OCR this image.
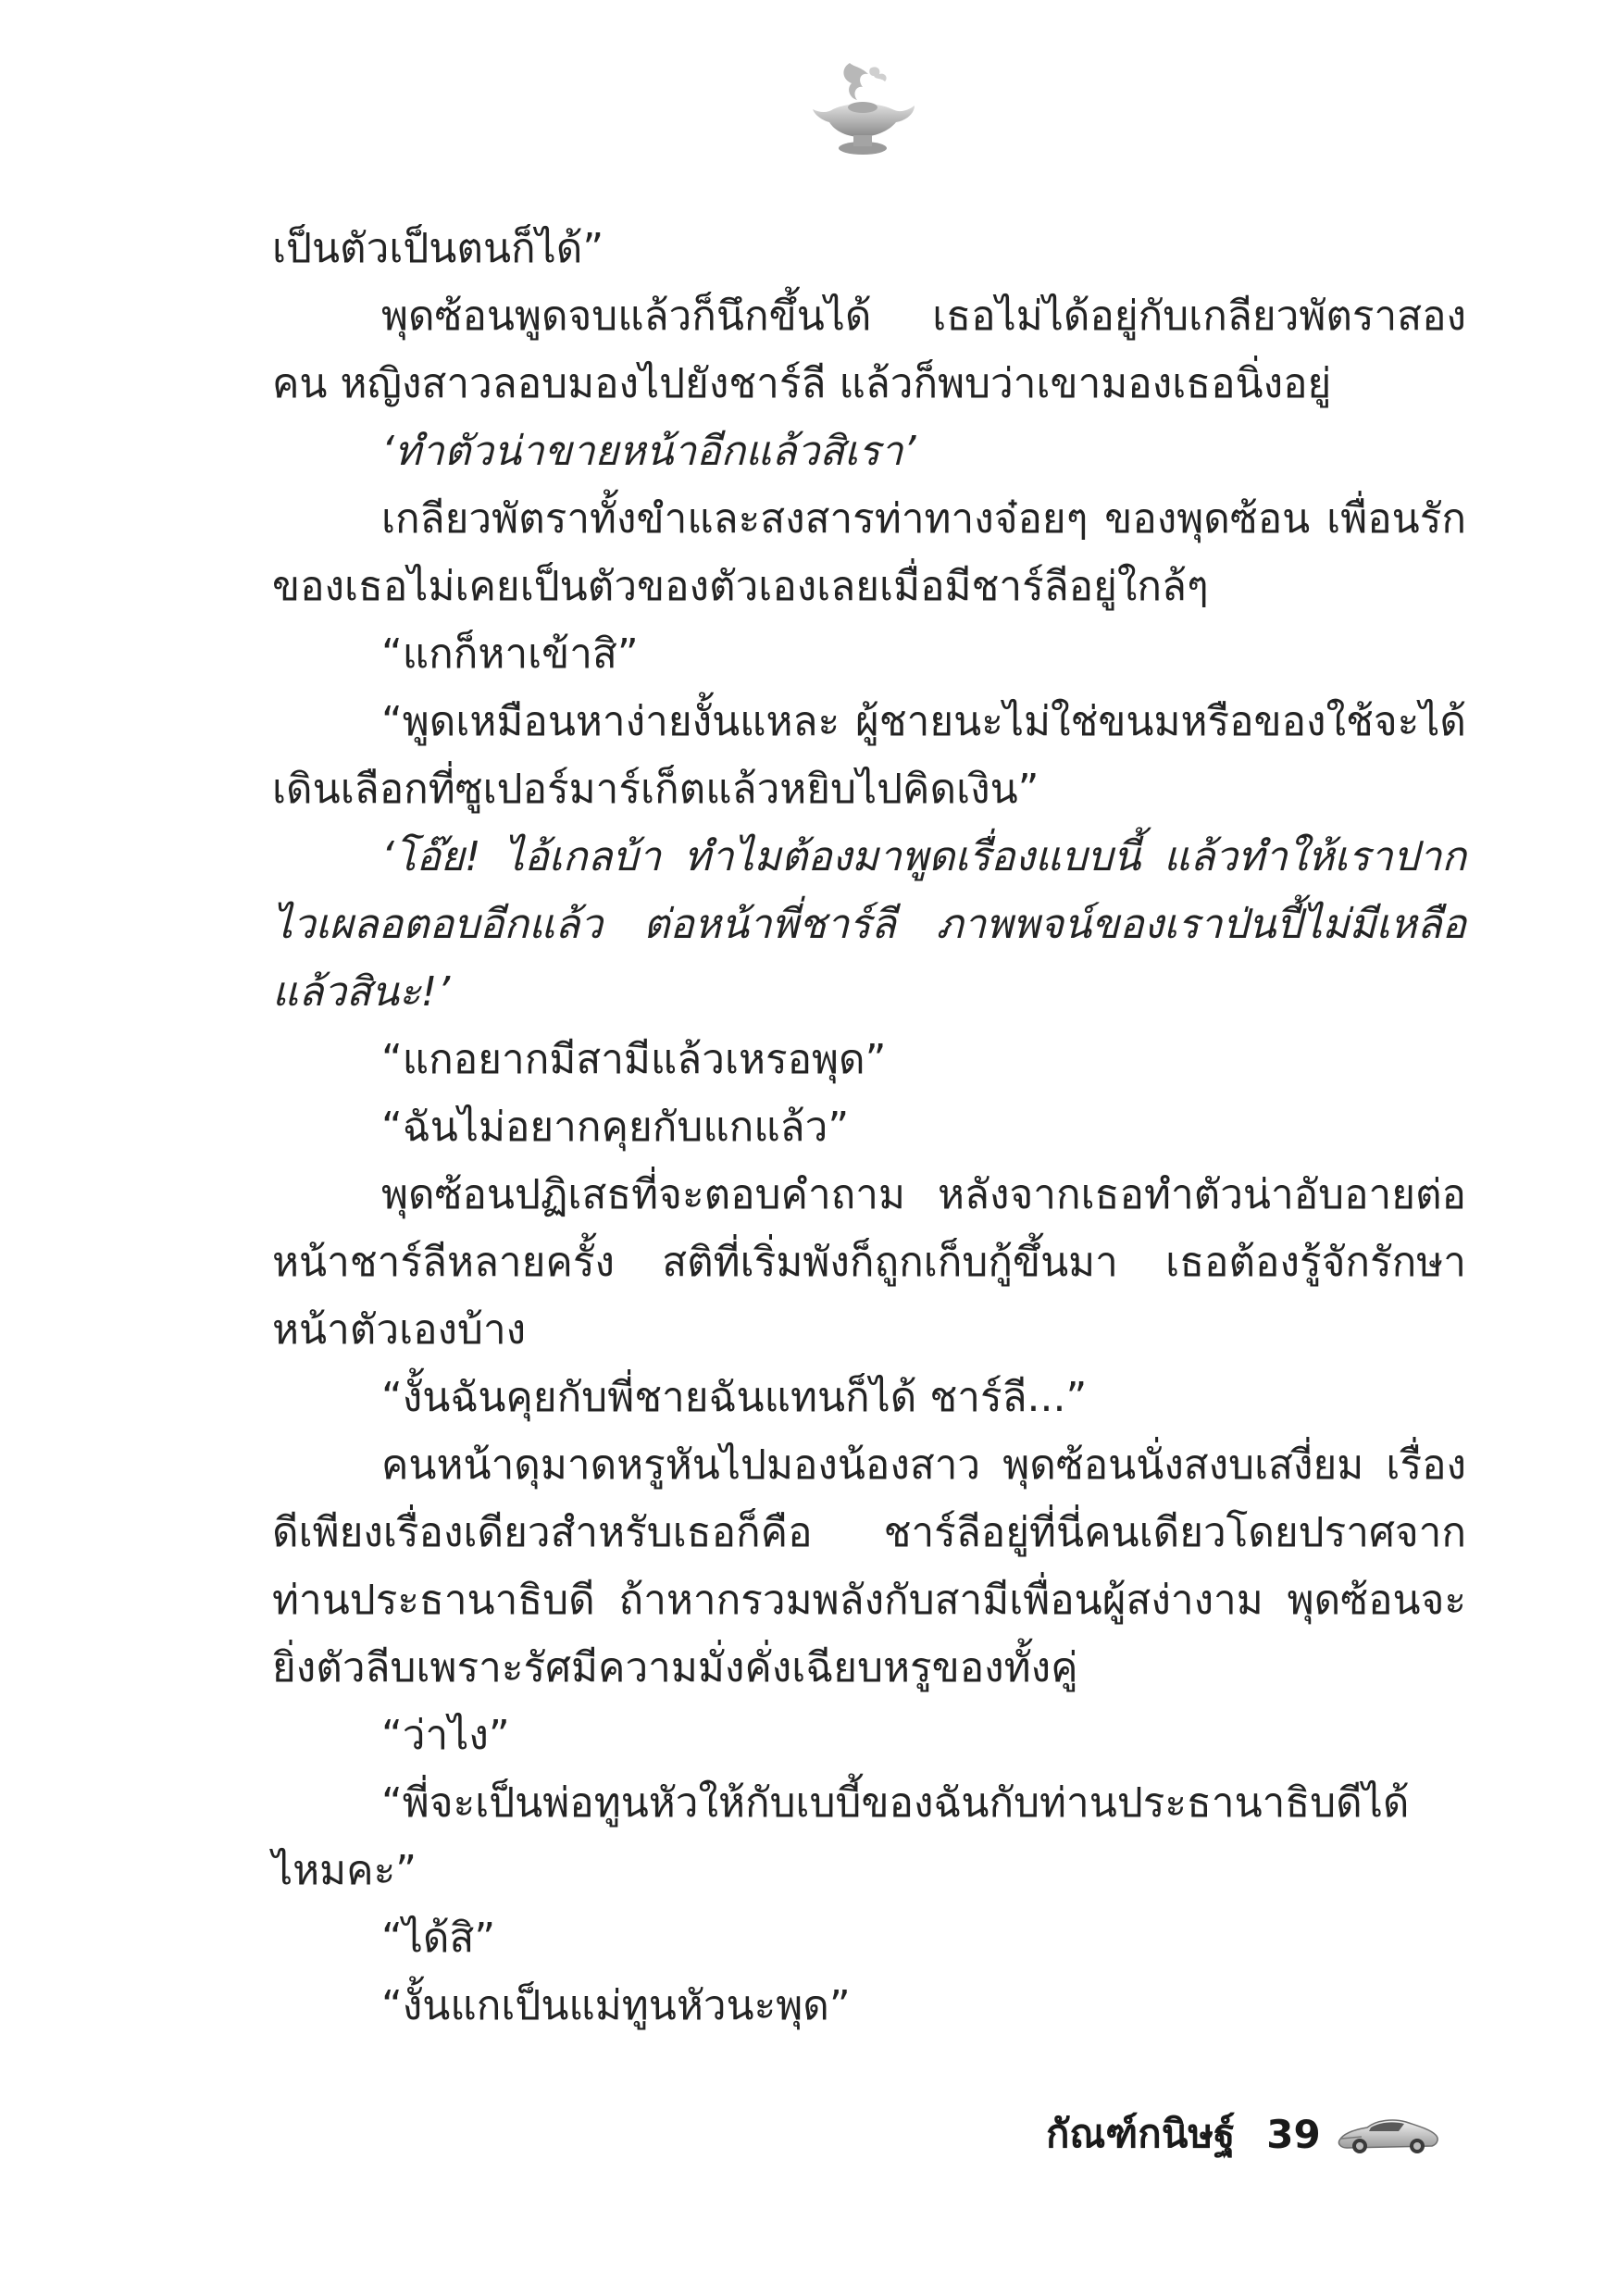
เป็นตัวเป็นตนก็ได้”

พุดซ้อนพูดจบแล้วก็นึกขึ้นได้ เธอไม่ได้อยู่กับเกลียวพัตราสองคน หญิงสาวลอบมองไปยังชาร์ลี แล้วก็พบว่าเขามองเธอนิ่งอยู่

‘ทำตัวน่าขายหน้าอีกแล้วสิเรา’

เกลียวพัตราทั้งขำและสงสารท่าทางจ๋อยๆ ของพุดซ้อน เพื่อนรักของเธอไม่เคยเป็นตัวของตัวเองเลยเมื่อมีชาร์ลีอยู่ใกล้ๆ

“แกก็หาเข้าสิ”

“พูดเหมือนหาง่ายงั้นแหละ ผู้ชายนะไม่ใช่ขนมหรือของใช้จะได้เดินเลือกที่ซูเปอร์มาร์เก็ตแล้วหยิบไปคิดเงิน”

‘โอ๊ย! ไอ้เกลบ้า ทำไมต้องมาพูดเรื่องแบบนี้ แล้วทำให้เราปากไวเผลอตอบอีกแล้ว ต่อหน้าพี่ชาร์ลี ภาพพจน์ของเราป่นปี้ไม่มีเหลือแล้วสินะ!’

“แกอยากมีสามีแล้วเหรอพุด”

“ฉันไม่อยากคุยกับแกแล้ว”

พุดซ้อนปฏิเสธที่จะตอบคำถาม หลังจากเธอทำตัวน่าอับอายต่อหน้าชาร์ลีหลายครั้ง สติที่เริ่มพังก็ถูกเก็บกู้ขึ้นมา เธอต้องรู้จักรักษาหน้าตัวเองบ้าง

“งั้นฉันคุยกับพี่ชายฉันแทนก็ได้ ชาร์ลี...”

คนหน้าดุมาดหรูหันไปมองน้องสาว พุดซ้อนนั่งสงบเสงี่ยม เรื่องดีเพียงเรื่องเดียวสำหรับเธอก็คือ ชาร์ลีอยู่ที่นี่คนเดียวโดยปราศจากท่านประธานาธิบดี ถ้าหากรวมพลังกับสามีเพื่อนผู้สง่างาม พุดซ้อนจะยิ่งตัวลีบเพราะรัศมีความมั่งคั่งเฉียบหรูของทั้งคู่

“ว่าไง”

“พี่จะเป็นพ่อทูนหัวให้กับเบบี้ของฉันกับท่านประธานาธิบดีได้ไหมคะ”

“ได้สิ”

“งั้นแกเป็นแม่ทูนหัวนะพุด”

กัณฑ์กนิษฐ์ 39
